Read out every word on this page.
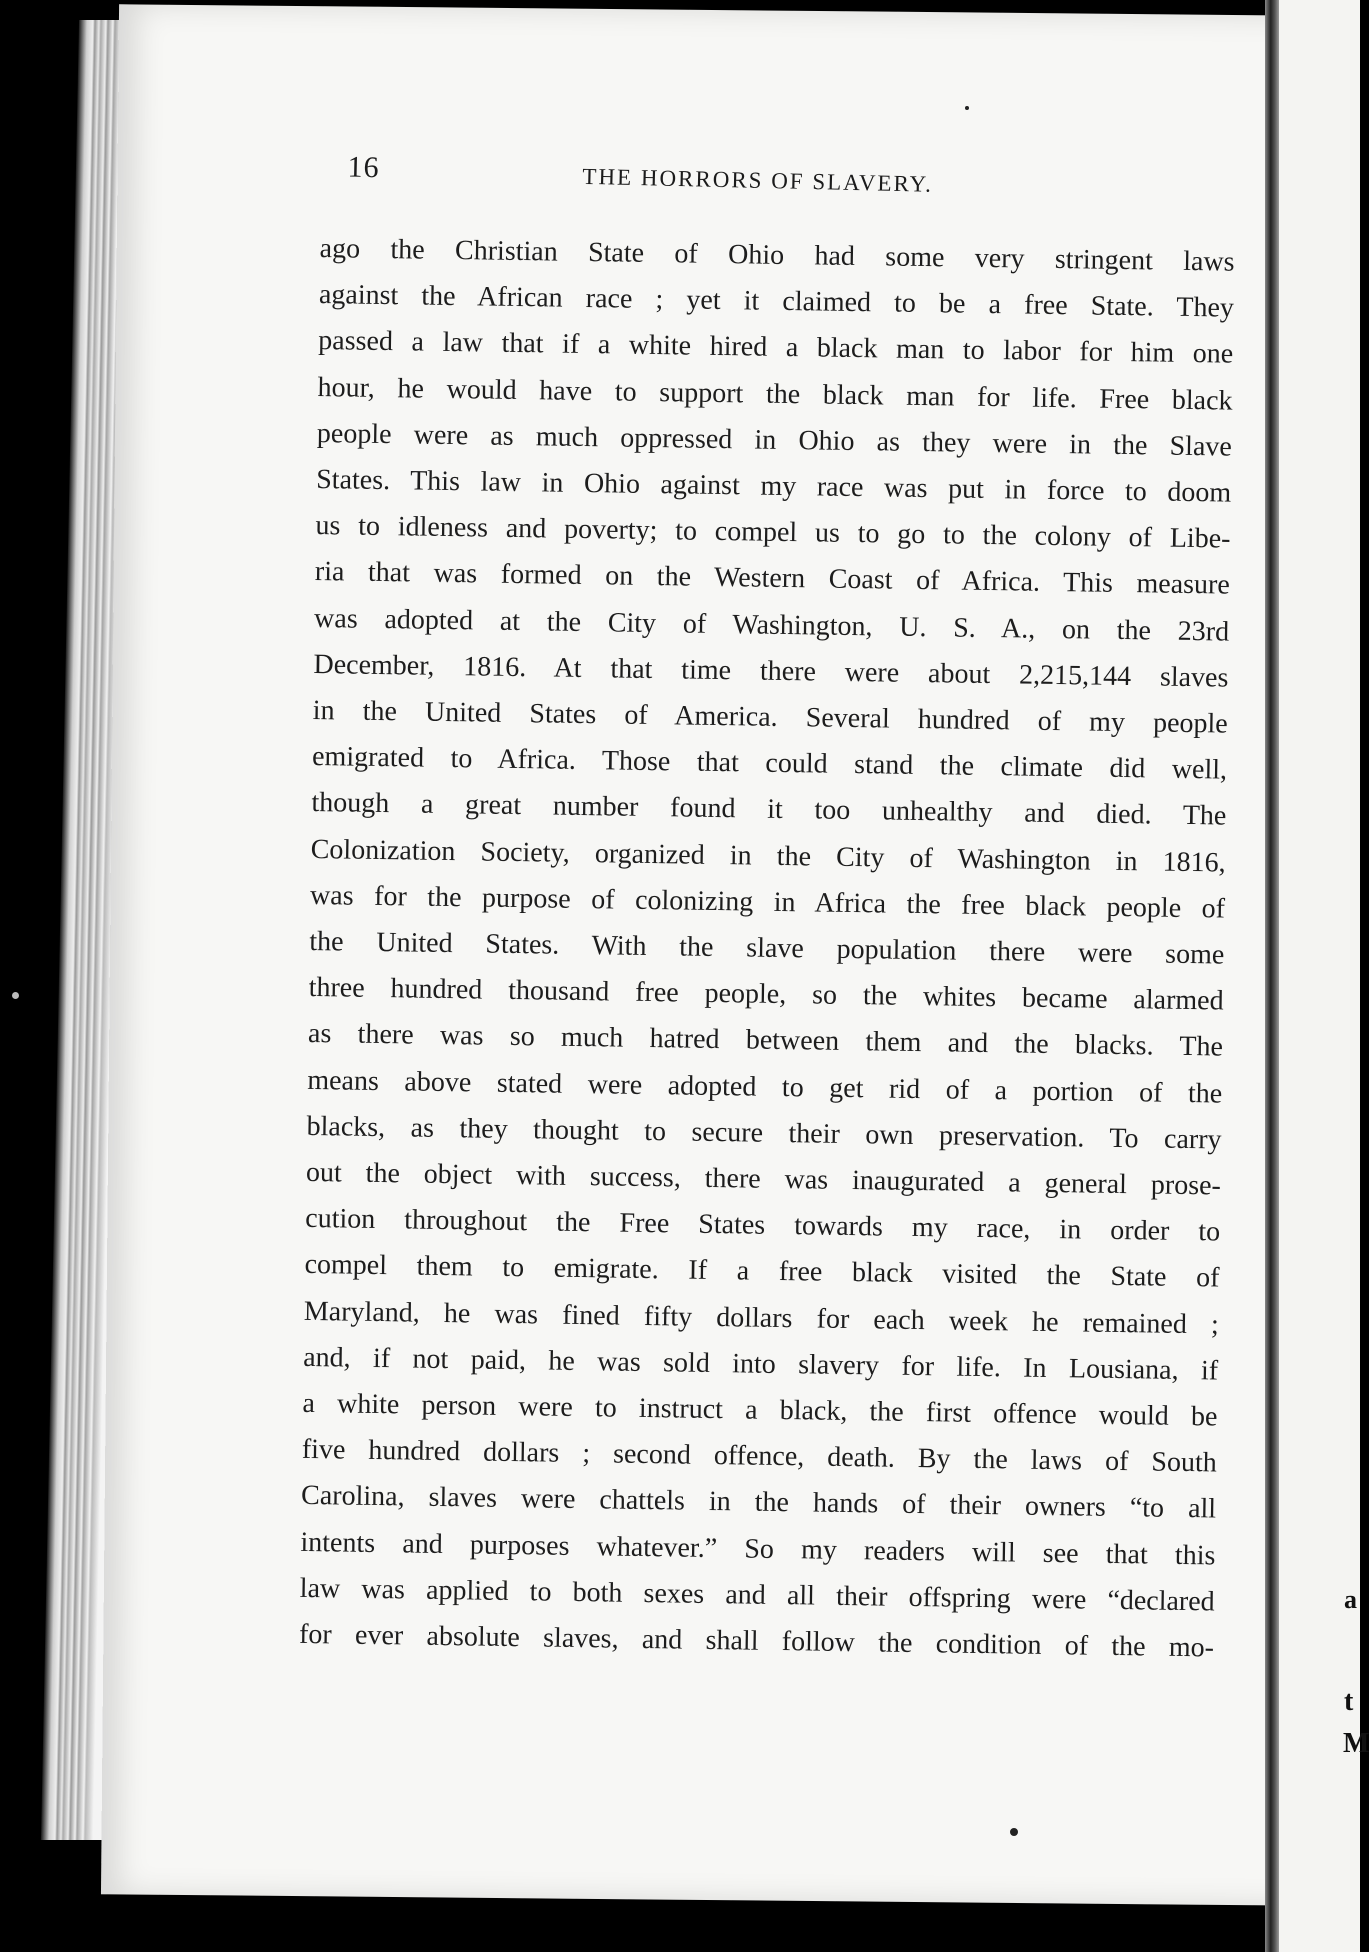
a
t
M
16	THE HORRORS OF SLAVERY.
ago the Christian State of Ohio had some very stringent laws
against the African race ; yet it claimed to be a free State. They
passed a law that if a white hired a black man to labor for him one
hour, he would have to support the black man for life. Free black
people were as much oppressed in Ohio as they were in the Slave
States. This law in Ohio against my race was put in force to doom
us to idleness and poverty; to compel us to go to the colony of Libe-
ria that was formed on the Western Coast of Africa. This measure
was adopted at the City of Washington, U. S. A., on the 23rd
December, 1816. At that time there were about 2,215,144 slaves
in the United States of America. Several hundred of my people
emigrated to Africa. Those that could stand the climate did well,
though a great number found it too unhealthy and died. The
Colonization Society, organized in the City of Washington in 1816,
was for the purpose of colonizing in Africa the free black people of
the United States. With the slave population there were some
three hundred thousand free people, so the whites became alarmed
as there was so much hatred between them and the blacks. The
means above stated were adopted to get rid of a portion of the
blacks, as they thought to secure their own preservation. To carry
out the object with success, there was inaugurated a general prose-
cution throughout the Free States towards my race, in order to
compel them to emigrate. If a free black visited the State of
Maryland, he was fined fifty dollars for each week he remained ;
and, if not paid, he was sold into slavery for life. In Lousiana, if
a white person were to instruct a black, the first offence would be
five hundred dollars ; second offence, death. By the laws of South
Carolina, slaves were chattels in the hands of their owners “to all
intents and purposes whatever.” So my readers will see that this
law was applied to both sexes and all their offspring were “declared
for ever absolute slaves, and shall follow the condition of the mo-
